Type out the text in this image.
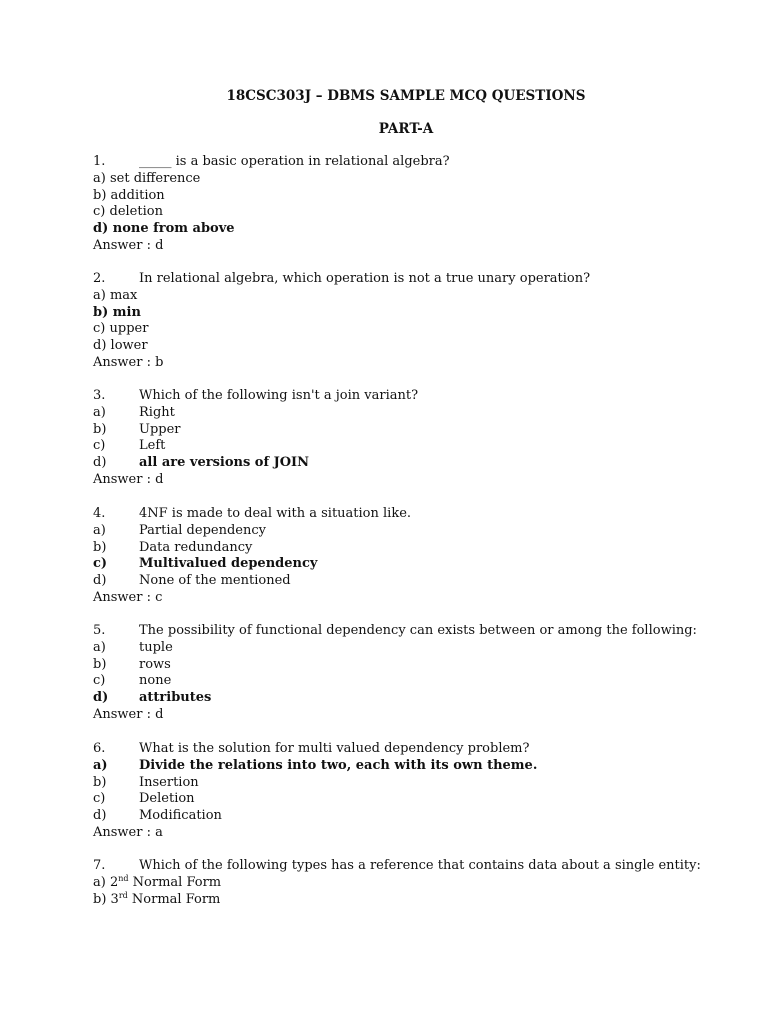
18CSC303J – DBMS SAMPLE MCQ QUESTIONS
PART-A
1.	_____ is a basic operation in relational algebra?
a) set difference
b) addition
c) deletion
d) none from above
Answer : d
2.	In relational algebra, which operation is not a true unary operation?
a) max
b) min
c) upper
d) lower
Answer : b
3.	Which of the following isn't a join variant?
a)	Right
b)	Upper
c)	Left
d)	all are versions of JOIN
Answer : d
4.	4NF is made to deal with a situation like.
a)	Partial dependency
b)	Data redundancy
c) Multivalued dependency
d)	None of the mentioned
Answer : c
5.	The possibility of functional dependency can exists between or among the following:
a)	tuple
b)	rows
c)	none
d) attributes
Answer : d
6.	What is the solution for multi valued dependency problem?
a) Divide the relations into two, each with its own theme.
b)	Insertion
c)	Deletion
d)	Modification
Answer : a
7.	Which of the following types has a reference that contains data about a single entity:
a) 2nd Normal Form
b) 3rd Normal Form
